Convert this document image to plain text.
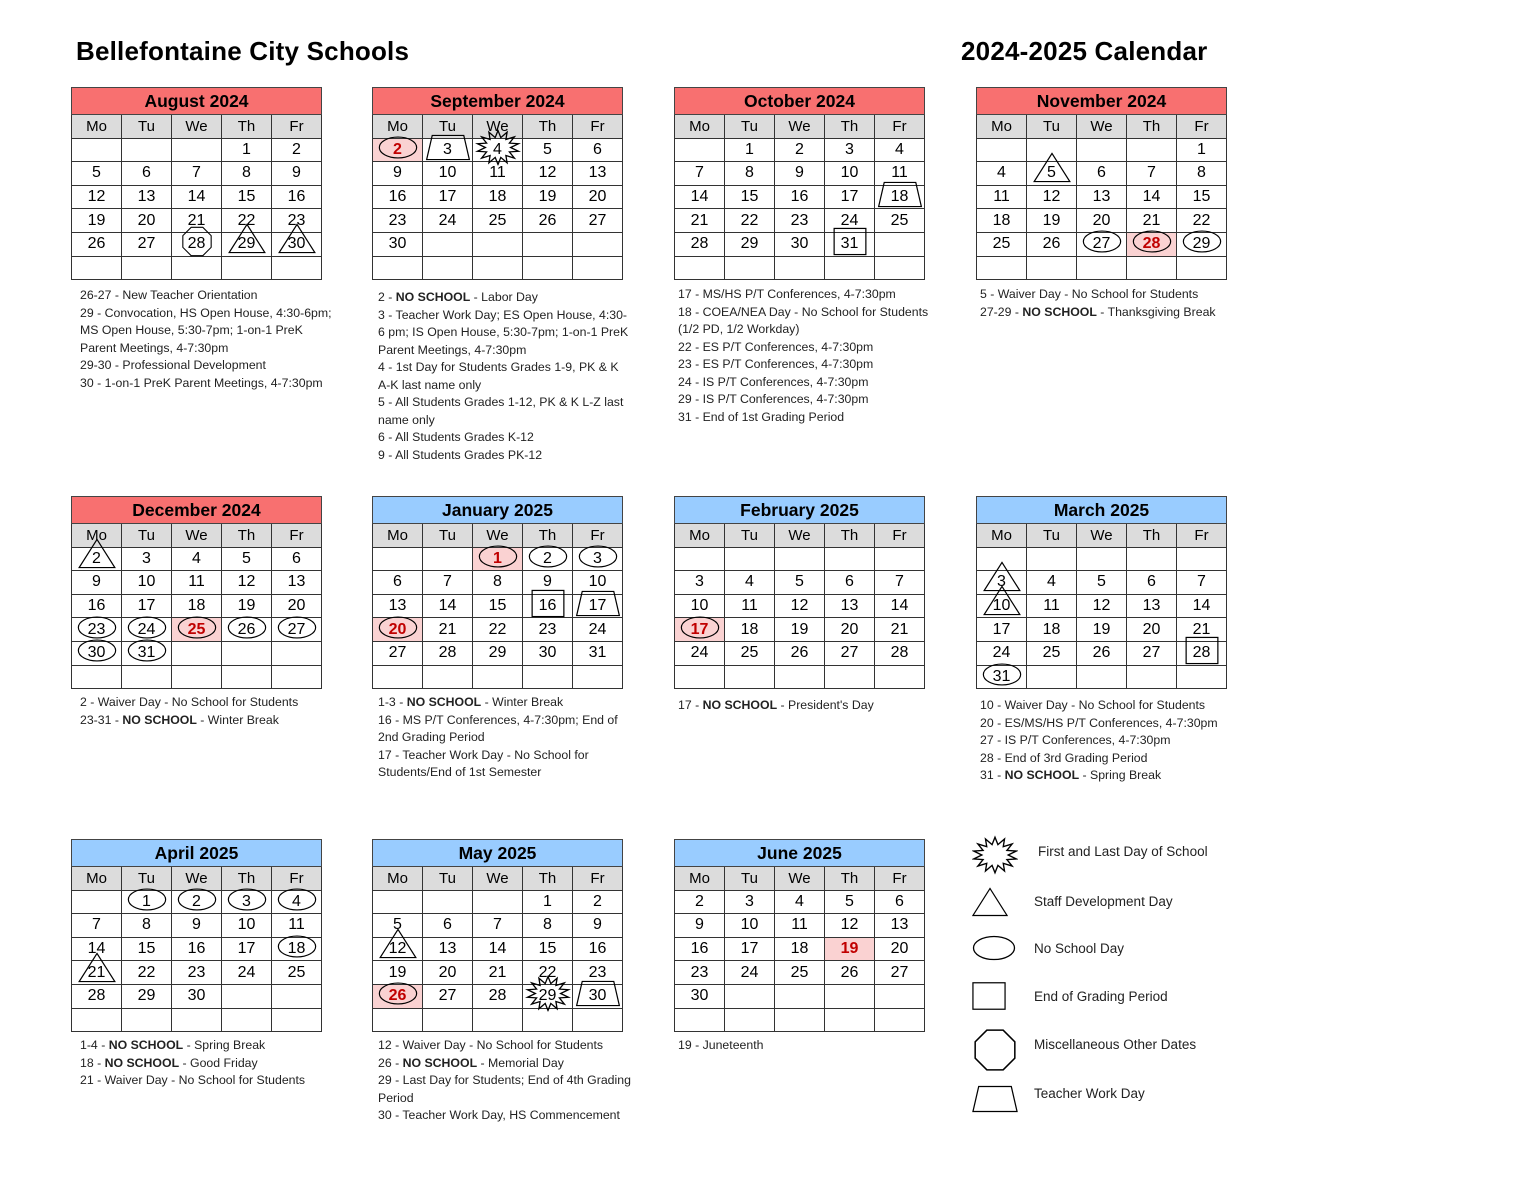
Bellefontaine City Schools	2024-2025 Calendar
August 2024				
Mo	Tu	We	Th	Fr
			1	2
5	6	7	8	9
12	13	14	15	16
19	20	21	22	23
26	27	28	29	30

26-27 - New Teacher Orientation

29 - Convocation, HS Open House, 4:30-6pm; MS Open House, 5:30-7pm; 1-on-1 PreK Parent Meetings, 4-7:30pm

29-30 - Professional Development

30 - 1-on-1 PreK Parent Meetings, 4-7:30pm

September 2024				
Mo	Tu	We	Th	Fr
2	3	4	5	6
9	10	11	12	13
16	17	18	19	20
23	24	25	26	27
30				

2 - NO SCHOOL - Labor Day

3 - Teacher Work Day; ES Open House, 4:30-6 pm; IS Open House, 5:30-7pm; 1-on-1 PreK Parent Meetings, 4-7:30pm

4 - 1st Day for Students Grades 1-9, PK & K A-K last name only

5 - All Students Grades 1-12, PK & K L-Z last name only

6 - All Students Grades K-12

9 - All Students Grades PK-12

October 2024				
Mo	Tu	We	Th	Fr
	1	2	3	4
7	8	9	10	11
14	15	16	17	18

21	22	23	24	25
28	29	30	31

17 - MS/HS P/T Conferences, 4-7:30pm

18 - COEA/NEA Day - No School for Students (1/2 PD, 1/2 Workday)

22 - ES P/T Conferences, 4-7:30pm

23 - ES P/T Conferences, 4-7:30pm

24 - IS P/T Conferences, 4-7:30pm

29 - IS P/T Conferences, 4-7:30pm

31 - End of 1st Grading Period

November 2024				
Mo	Tu	We	Th	Fr
				1
4	5	6	7	8
11	12	13	14	15
18	19	20	21	22
25	26	27	28	29

5 - Waiver Day - No School for Students

27-29 - NO SCHOOL - Thanksgiving Break

December 2024				
Mo	Tu	We	Th	Fr
2	3	4	5	6
9	10	11	12	13
16	17	18	19	20
23	24	25	26	27

30	31

2 - Waiver Day - No School for Students

23-31 - NO SCHOOL - Winter Break

January 2025				
Mo	Tu	We	Th	Fr
		1	2	3

6	7	8	9	10
13	14	15	16	17

20	21	22	23	24
27	28	29	30	31

1-3 - NO SCHOOL - Winter Break

16 - MS P/T Conferences, 4-7:30pm; End of 2nd Grading Period

17 - Teacher Work Day - No School for Students/End of 1st Semester

February 2025				
Mo	Tu	We	Th	Fr

3	4	5	6	7
10	11	12	13	14
17	18	19	20	21
24	25	26	27	28

17 - NO SCHOOL - President's Day

March 2025				
Mo	Tu	We	Th	Fr

3	4	5	6	7
10	11	12	13	14
17	18	19	20	21
24	25	26	27	28

31

10 - Waiver Day - No School for Students

20 - ES/MS/HS P/T Conferences, 4-7:30pm

27 - IS P/T Conferences, 4-7:30pm

28 - End of 3rd Grading Period

31 - NO SCHOOL - Spring Break

April 2025				
Mo	Tu	We	Th	Fr
	1	2	3	4

7	8	9	10	11
14	15	16	17	18

21	22	23	24	25
28	29	30		

1-4 - NO SCHOOL - Spring Break

18 - NO SCHOOL - Good Friday

21 - Waiver Day - No School for Students

May 2025				
Mo	Tu	We	Th	Fr
			1	2
5	6	7	8	9
12	13	14	15	16
19	20	21	22	23
26	27	28	29	30

12 - Waiver Day - No School for Students

26 - NO SCHOOL - Memorial Day

29 - Last Day for Students; End of 4th Grading Period

30 - Teacher Work Day, HS Commencement

June 2025				
Mo	Tu	We	Th	Fr
2	3	4	5	6
9	10	11	12	13
16	17	18	19	20
23	24	25	26	27
30				

19 - Juneteenth

First and Last Day of School
Staff Development Day
No School Day
End of Grading Period
Miscellaneous Other Dates
Teacher Work Day
